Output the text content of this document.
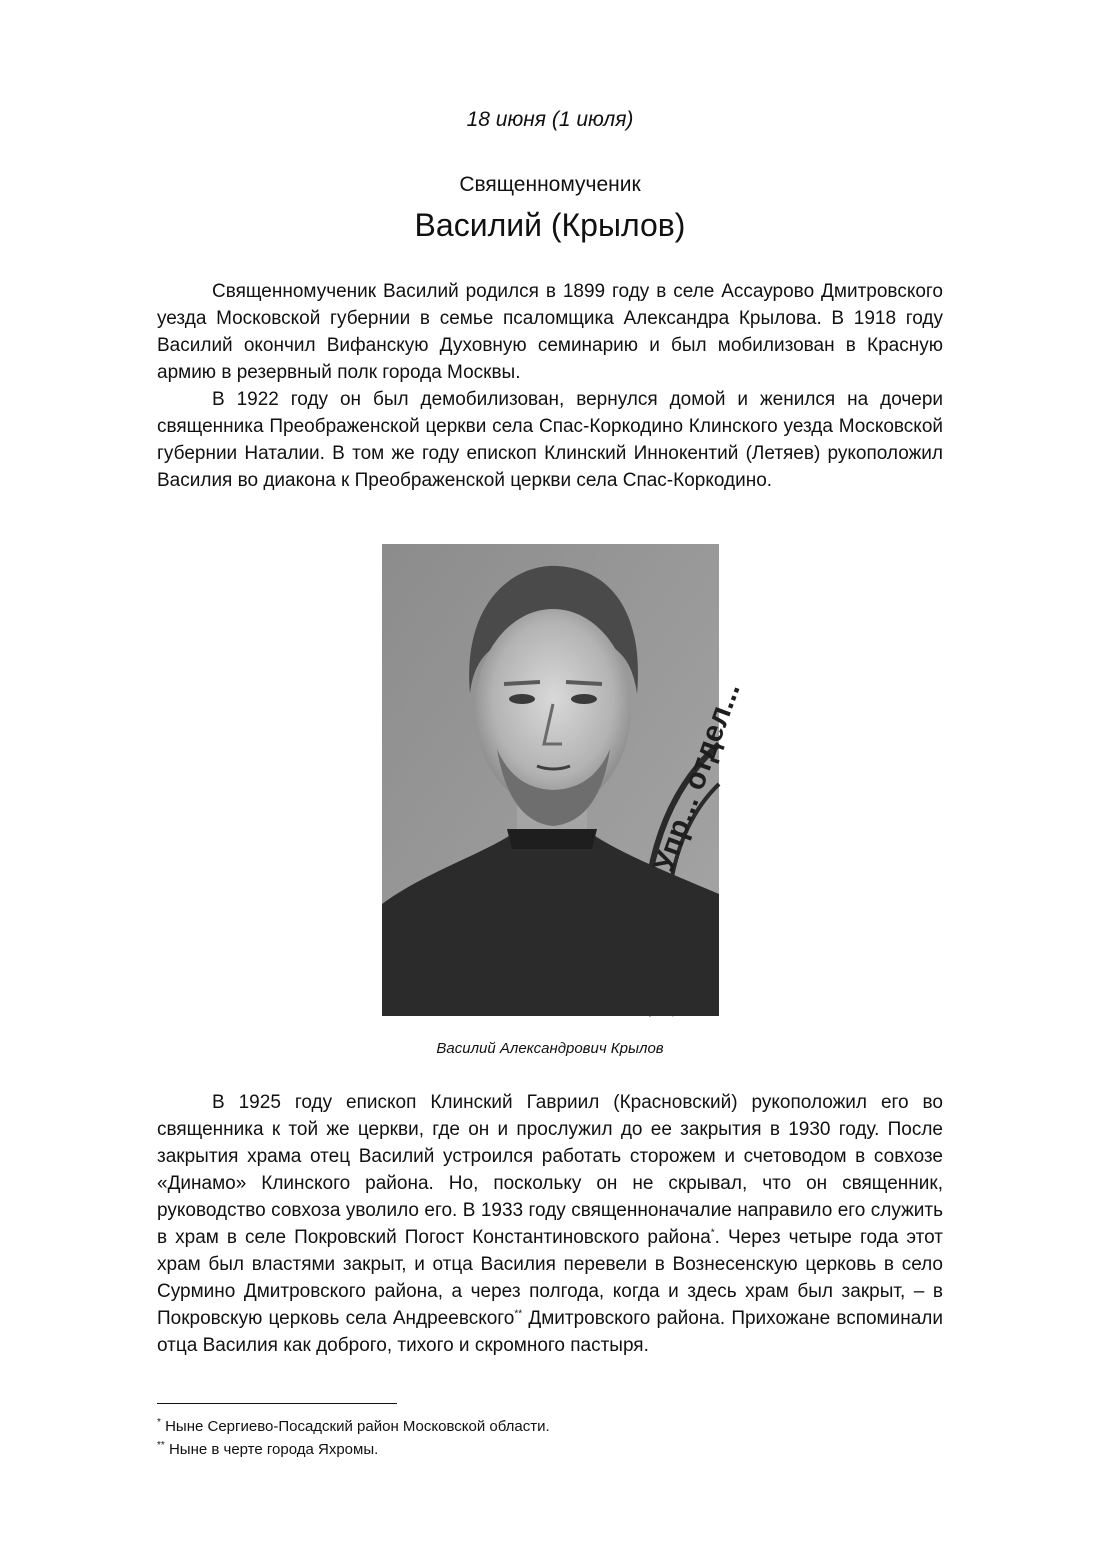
18 июня (1 июля)
Священномученик
Василий (Крылов)

Священномученик Василий родился в 1899 году в селе Ассаурово Дмитровского уезда Московской губернии в семье псаломщика Александра Крылова. В 1918 году Василий окончил Вифанскую Духовную семинарию и был мобилизован в Красную армию в резервный полк города Москвы.

В 1922 году он был демобилизован, вернулся домой и женился на дочери священника Преображенской церкви села Спас-Коркодино Клинского уезда Московской губернии Наталии. В том же году епископ Клинский Иннокентий (Летяев) рукоположил Василия во диакона к Преображенской церкви села Спас-Коркодино.

Упр... отдел...
Василий Александрович Крылов

В 1925 году епископ Клинский Гавриил (Красновский) рукоположил его во священника к той же церкви, где он и прослужил до ее закрытия в 1930 году. После закрытия храма отец Василий устроился работать сторожем и счетоводом в совхозе «Динамо» Клинского района. Но, поскольку он не скрывал, что он священник, руководство совхоза уволило его. В 1933 году священноначалие направило его служить в храм в селе Покровский Погост Константиновского района*. Через четыре года этот храм был властями закрыт, и отца Василия перевели в Вознесенскую церковь в село Сурмино Дмитровского района, а через полгода, когда и здесь храм был закрыт, – в Покровскую церковь села Андреевского** Дмитровского района. Прихожане вспоминали отца Василия как доброго, тихого и скромного пастыря.

* Ныне Сергиево-Посадский район Московской области.
** Ныне в черте города Яхромы.
